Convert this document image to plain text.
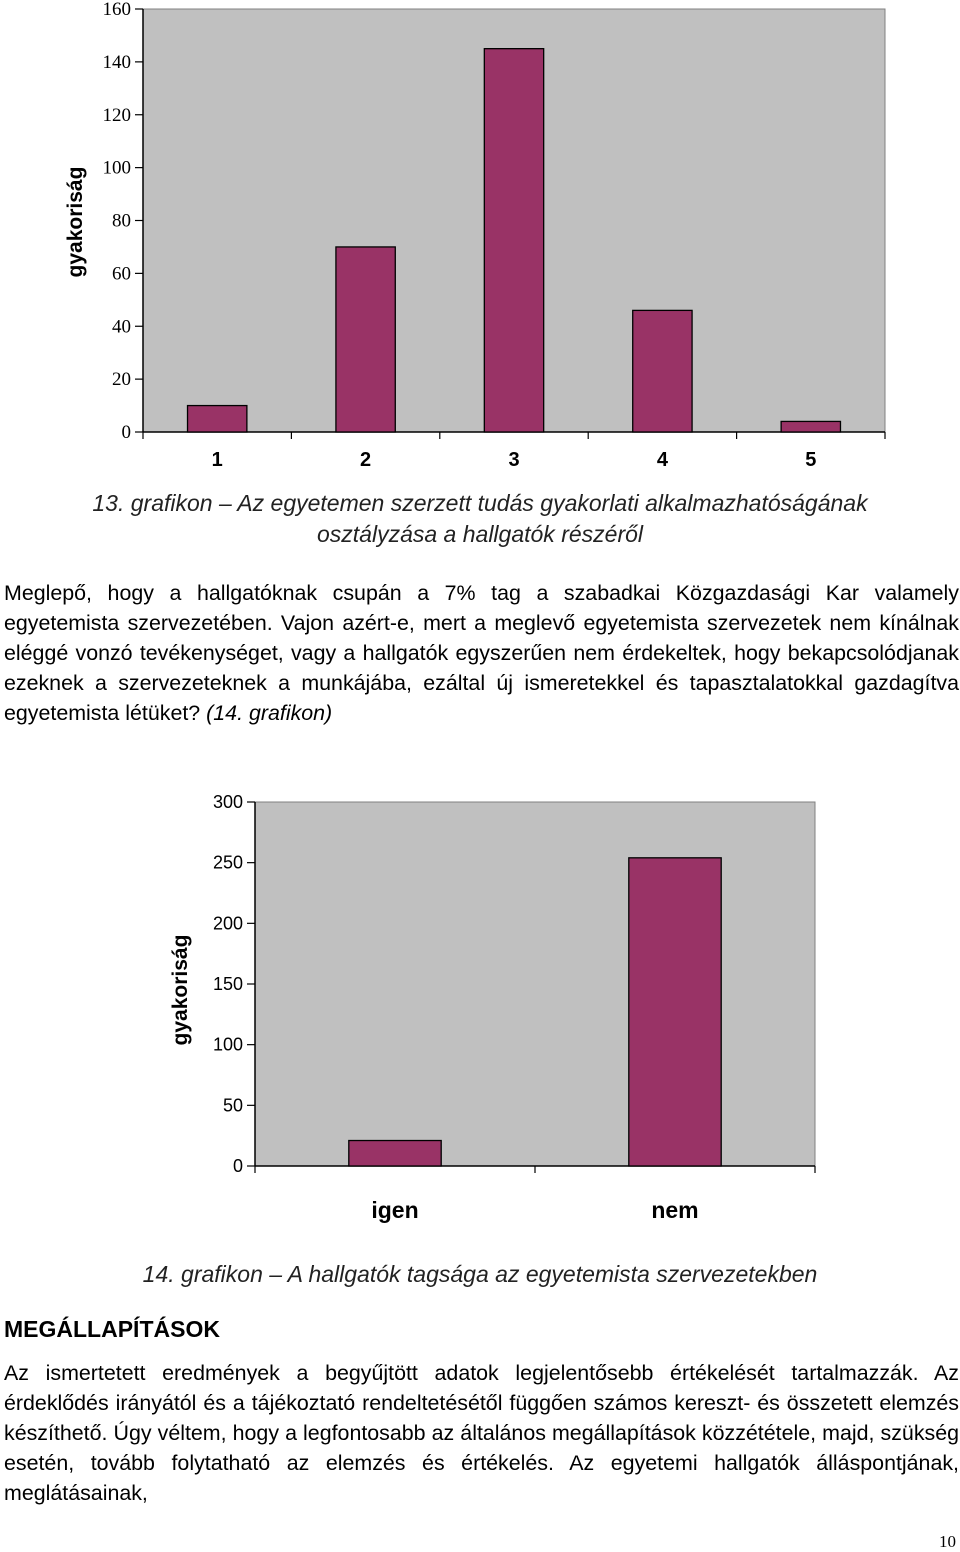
0
20
40
60
80
100
120
140
160
1	2	3	4	5
gyakoriság
13. grafikon – Az egyetemen szerzett tudás gyakorlati alkalmazhatóságának
osztályzása a hallgatók részéről
Meglepő, hogy a hallgatóknak csupán a 7% tag a szabadkai Közgazdasági Kar valamely egyetemista szervezetében. Vajon azért-e, mert a meglevő egyetemista szervezetek nem kínálnak eléggé vonzó tevékenységet, vagy a hallgatók egyszerűen nem érdekeltek, hogy bekapcsolódjanak ezeknek a szervezeteknek a munkájába, ezáltal új ismeretekkel és tapasztalatokkal gazdagítva egyetemista létüket? (14. grafikon)
0
50
100
150
200
250
300
igen	nem
gyakoriság
14. grafikon – A hallgatók tagsága az egyetemista szervezetekben
MEGÁLLAPÍTÁSOK
Az ismertetett eredmények a begyűjtött adatok legjelentősebb értékelését tartalmazzák. Az érdeklődés irányától és a tájékoztató rendeltetésétől függően számos kereszt- és összetett elemzés készíthető. Úgy véltem, hogy a legfontosabb az általános megállapítások közzététele, majd, szükség esetén, tovább folytatható az elemzés és értékelés. Az egyetemi hallgatók álláspontjának, meglátásainak,
10
